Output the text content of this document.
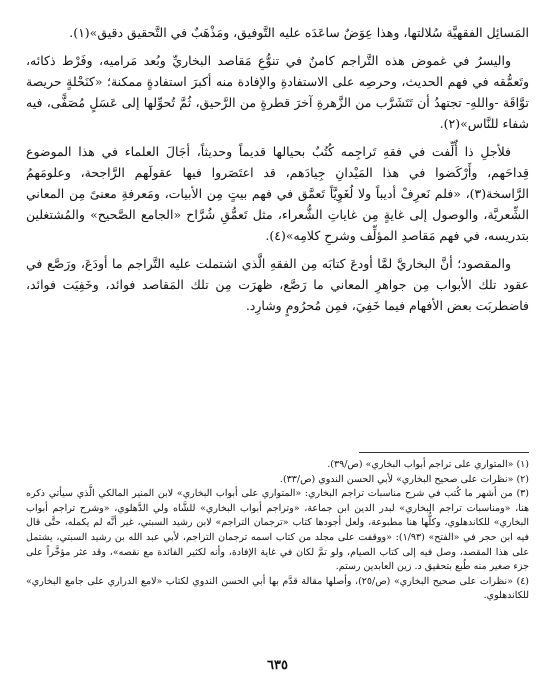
المَسائِل الفقهيَّة سُلالتها، وهذا عِوَضٌ ساعَدَه عليه التَّوفيق، ومَذْهَبٌ في التَّحقيق دقيق»(١).

واليسرُ في غموض هذه التَّراجم كامنٌ في تنوُّعِ مَقاصد البخاريِّ وبُعد مَراميه، وفَرْط ذكائه، وتَعمُّقه في فهم الحديث، وحرصِه على الاستفادةِ والإفادة منه أكبرَ استفادةٍ ممكنة؛ «كنَحْلةٍ حريصة توَّاقَة -واللهِ- تجتهدُ أن تَتَشَرَّب من الزَّهرةِ آخرَ قطرةٍ من الرَّحيق، ثُمَّ تُحوِّلها إلى عَسَلٍ مُصَفًّى، فيه شفاء للنَّاس»(٢).

فلأجلِ ذا أُلِّفت في فقهِ تَراجِمه كُتُبٌ بحيالها قديماً وحديثاً، أجَالَ العلماء في هذا الموضوع قِداحَهم، وأَرْكَضوا في هذا المَيْدانِ جِيادَهم، قد اعتَصَروا فيها عقولَهم الرَّاجحة، وعلومَهمُ الرَّاسخة(٣)، «فلم نَعرِفْ أديباً ولا لُغَوِيَّاً تَعمَّق في فهم بيتٍ مِن الأبيات، ومَعرفةِ معنىً مِن المعاني الشِّعريَّة، والوصول إلى غايةٍ مِن غاياتِ الشُّعراء، مثل تَعمُّقِ شُرَّاح «الجامع الصَّحيح» والمُشتغلين بتدريسه، في فهم مَقاصدِ المؤلِّف وشرحِ كلامِه»(٤).

والمقصود؛ أنَّ البخاريَّ لمَّا أودعَ كتابَه مِن الفقهِ الَّذي اشتملت عليه التَّراجم ما أودَعَ، ورَصَّع في عقود تلك الأبواب مِن جواهرِ المعاني ما رَصَّع، ظهرَت مِن تلك المَقاصد فوائد، وخَفِيَت فوائد، فاضطربَت بعض الأفهام فيما خَفِيَ، فمِن مُحرُومٍ وشارِد.

(١) «المتواري على تراجم أبواب البخاري» (ص/٣٩).

(٢) «نظرات على صحيح البخاري» لأبي الحسن الندوي (ص/٣٣).

(٣) من أشهر ما كُتب في شرح مناسبات تراجم البخاري: «المتواري على أبواب البخاري» لابن المنير المالكي الَّذي سيأتي ذكره هنا، «ومناسبات تراجم البخاري» لبدر الدين ابن جماعة، «وتراجم أبواب البخاري» للشَّاه ولي الدَّهلوي، «وشرح تراجم أبواب البخاري» للكاندهلوي، وكلُّها هنا مطبوعة، ولعل أجودها كتاب «ترجمان التراجم» لابن رشيد السبتي، غير أنَّه لم يكمله، حتَّى قال فيه ابن حجر في «الفتح» (١/٩٣): «ووقفت على مجلد من كتاب اسمه ترجمان التراجم، لأبي عبد الله بن رشيد السبتي، يشتمل على هذا المقصد، وصل فيه إلى كتاب الصيام، ولو تمَّ لكان في غاية الإفادة، وأنه لكثير الفائدة مع نقصه»، وقد عثر مؤخَّراً على جزء صغير منه طُبع بتحقيق د. زين العابدين رستم.

(٤) «نظرات على صحيح البخاري» (ص/٢٥)، وأصلها مقالة قدَّم بها أبي الحسن الندوي لكتاب «لامع الدراري على جامع البخاري» للكاندهلوي.

٦٣٥
